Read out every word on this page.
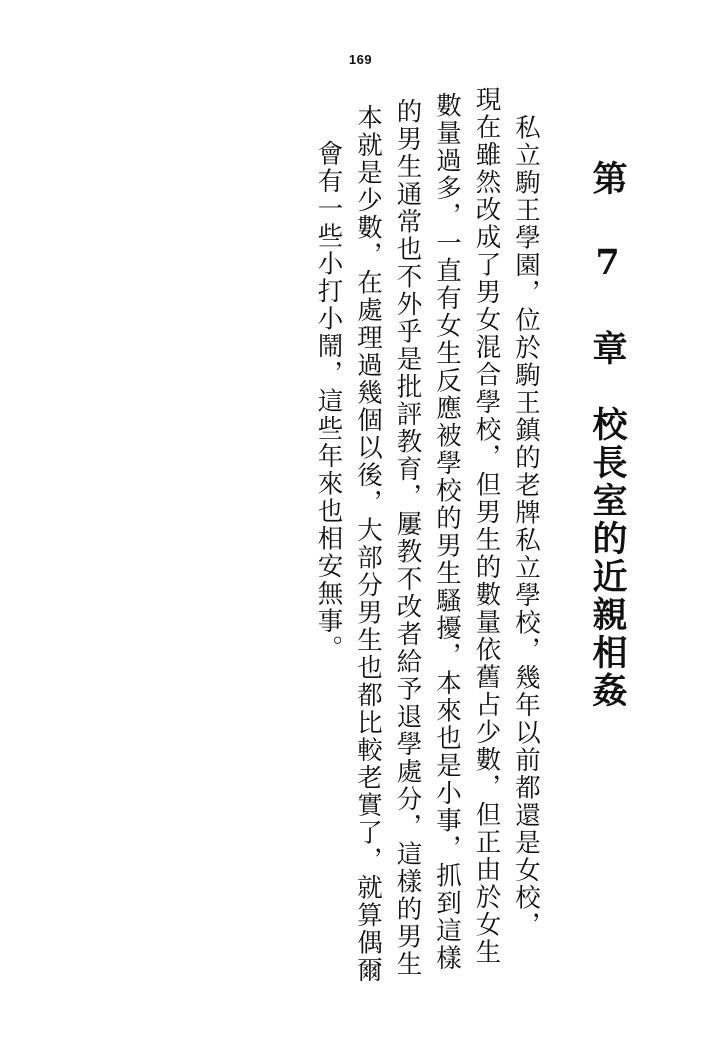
169
會有一些小打小鬧，這些年來也相安無事。 本就是少數，在處理過幾個以後，大部分男生也都比較老實了，就算偶爾 的男生通常也不外乎是批評教育，屢教不改者給予退學處分，這樣的男生 數量過多，一直有女生反應被學校的男生騷擾，本來也是小事，抓到這樣 現在雖然改成了男女混合學校，但男生的數量依舊占少數，但正由於女生 私立駒王學園，位於駒王鎮的老牌私立學校，幾年以前都還是女校， 第 7 章　校長室的近親相姦
